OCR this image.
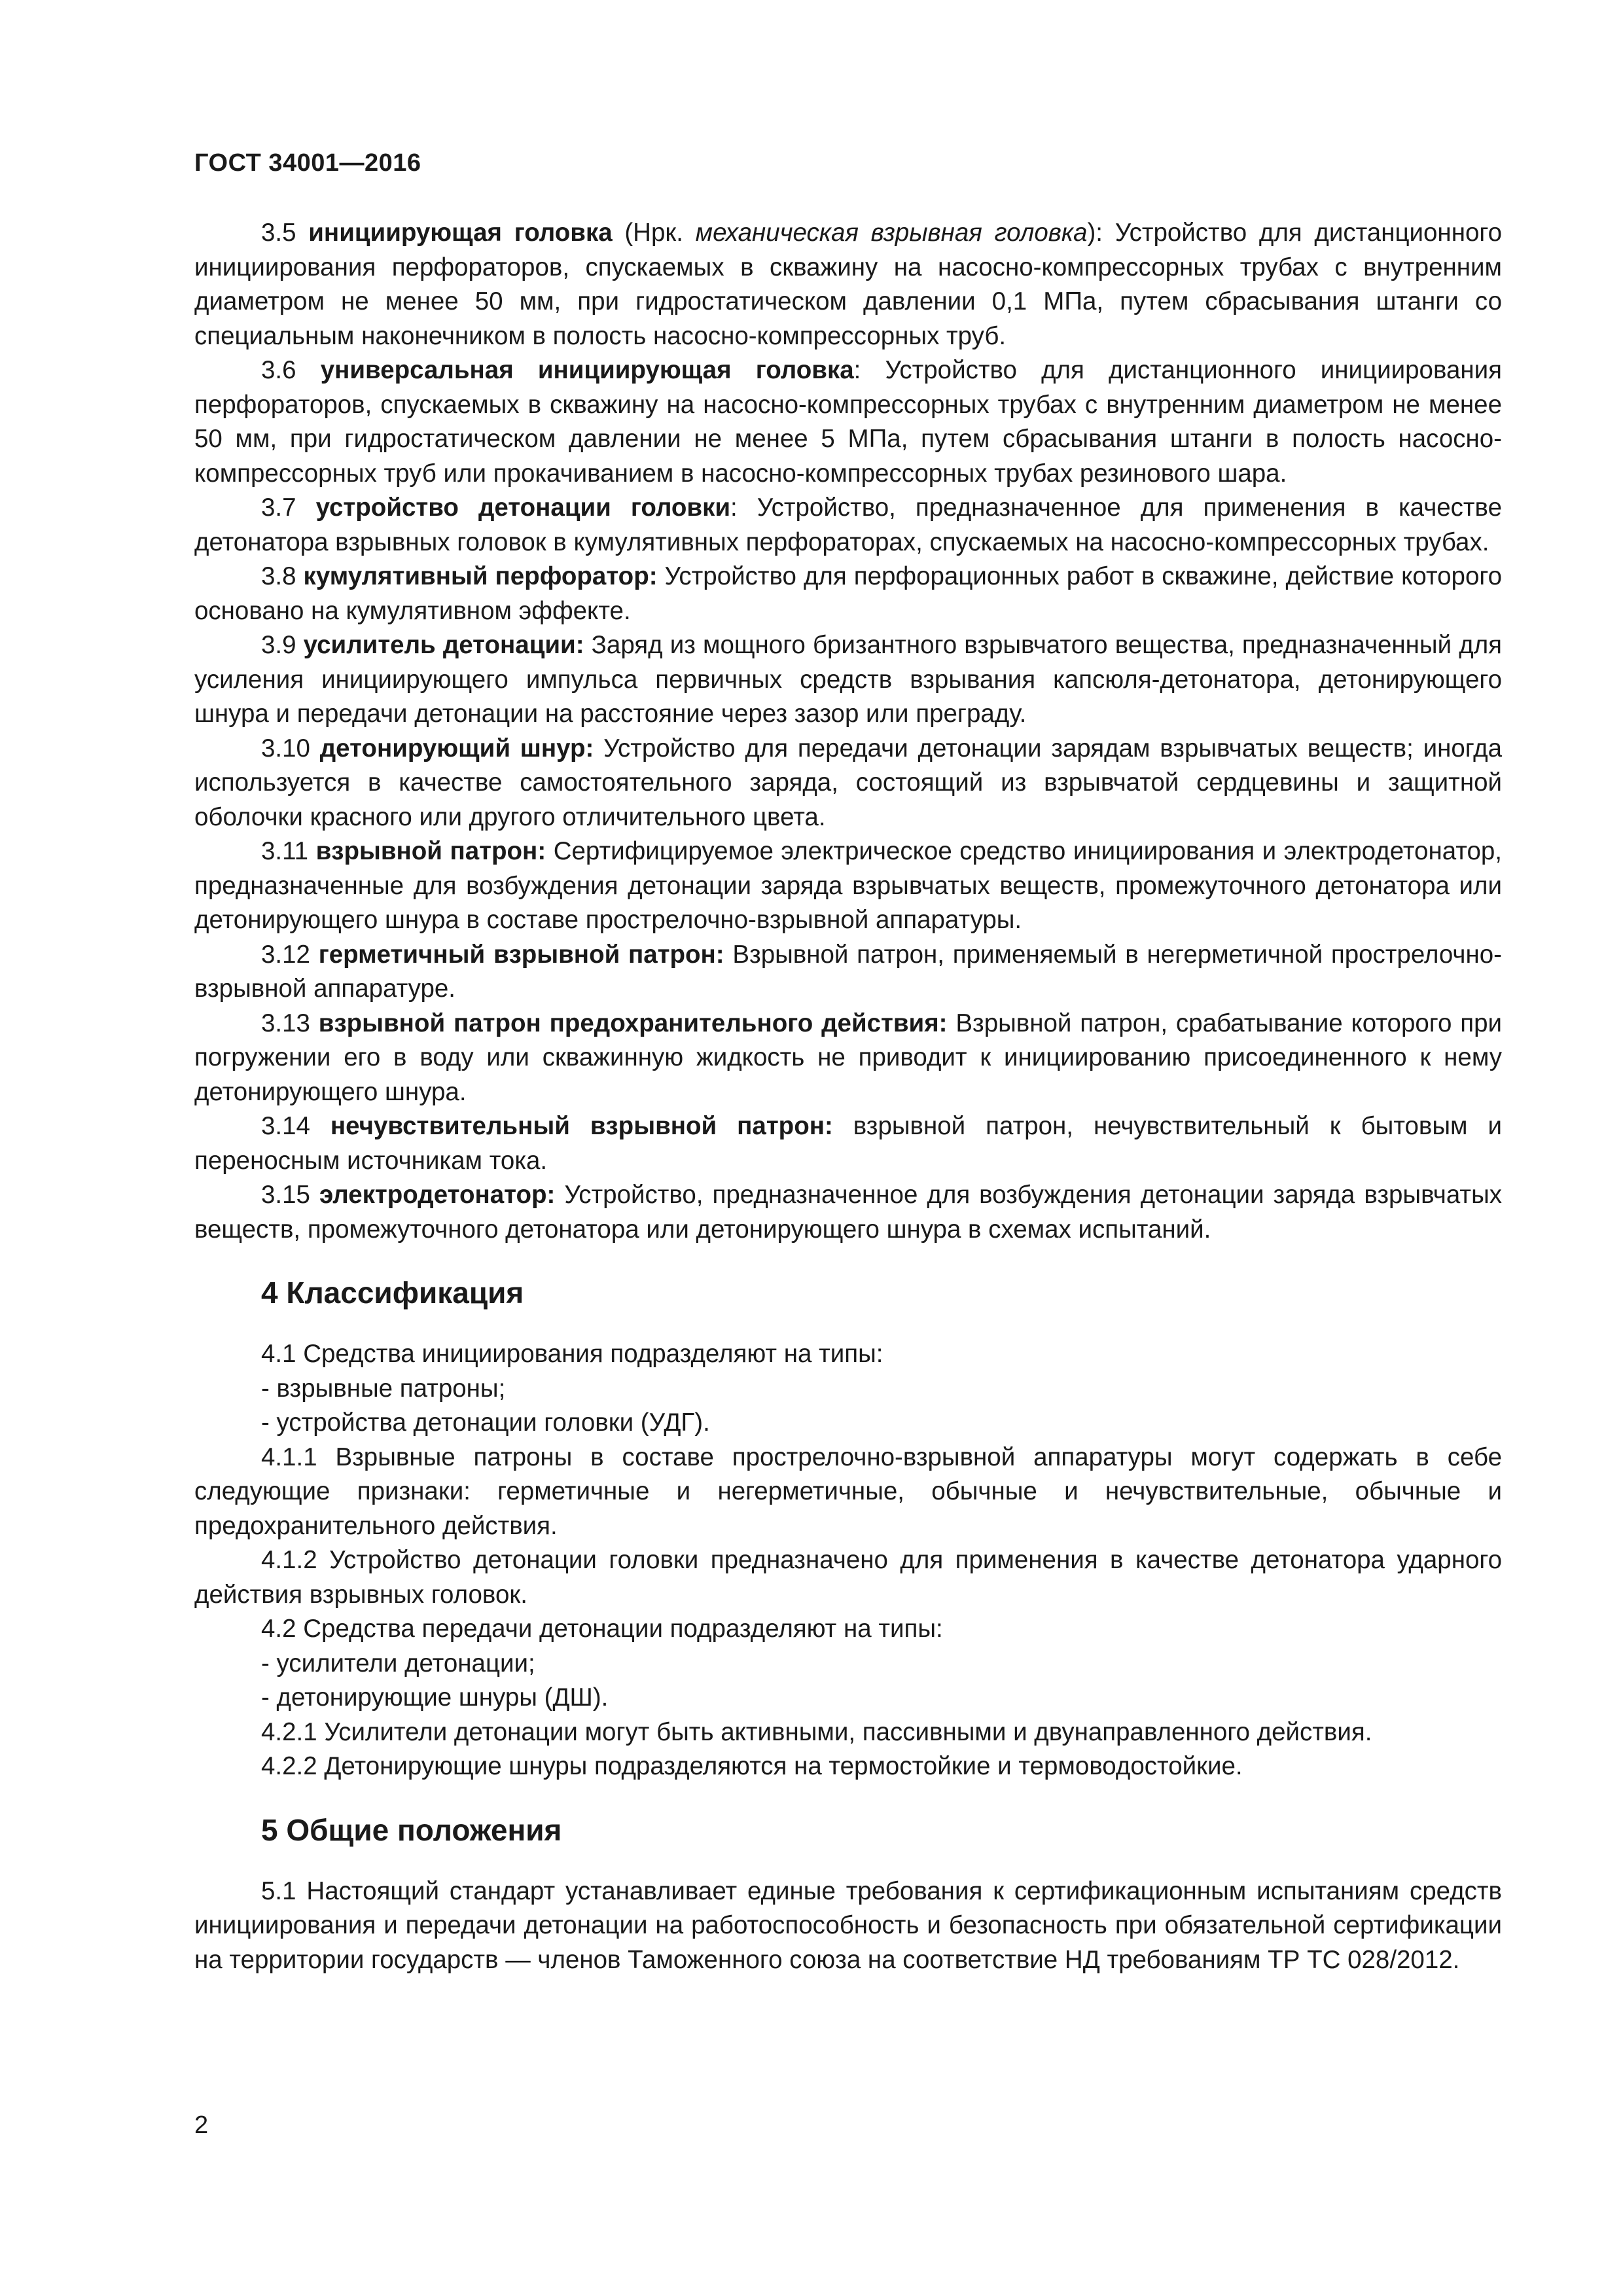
ГОСТ 34001—2016

3.5 инициирующая головка (Нрк. механическая взрывная головка): Устройство для дистанционного инициирования перфораторов, спускаемых в скважину на насосно-компрессорных трубах с внутренним диаметром не менее 50 мм, при гидростатическом давлении 0,1 МПа, путем сбрасывания штанги со специальным наконечником в полость насосно-компрессорных труб.

3.6 универсальная инициирующая головка: Устройство для дистанционного инициирования перфораторов, спускаемых в скважину на насосно-компрессорных трубах с внутренним диаметром не менее 50 мм, при гидростатическом давлении не менее 5 МПа, путем сбрасывания штанги в полость насосно-компрессорных труб или прокачиванием в насосно-компрессорных трубах резинового шара.

3.7 устройство детонации головки: Устройство, предназначенное для применения в качестве детонатора взрывных головок в кумулятивных перфораторах, спускаемых на насосно-компрессорных трубах.

3.8 кумулятивный перфоратор: Устройство для перфорационных работ в скважине, действие которого основано на кумулятивном эффекте.

3.9 усилитель детонации: Заряд из мощного бризантного взрывчатого вещества, предназначенный для усиления инициирующего импульса первичных средств взрывания капсюля-детонатора, детонирующего шнура и передачи детонации на расстояние через зазор или преграду.

3.10 детонирующий шнур: Устройство для передачи детонации зарядам взрывчатых веществ; иногда используется в качестве самостоятельного заряда, состоящий из взрывчатой сердцевины и защитной оболочки красного или другого отличительного цвета.

3.11 взрывной патрон: Сертифицируемое электрическое средство инициирования и электродетонатор, предназначенные для возбуждения детонации заряда взрывчатых веществ, промежуточного детонатора или детонирующего шнура в составе прострелочно-взрывной аппаратуры.

3.12 герметичный взрывной патрон: Взрывной патрон, применяемый в негерметичной прострелочно-взрывной аппаратуре.

3.13 взрывной патрон предохранительного действия: Взрывной патрон, срабатывание которого при погружении его в воду или скважинную жидкость не приводит к инициированию присоединенного к нему детонирующего шнура.

3.14 нечувствительный взрывной патрон: взрывной патрон, нечувствительный к бытовым и переносным источникам тока.

3.15 электродетонатор: Устройство, предназначенное для возбуждения детонации заряда взрывчатых веществ, промежуточного детонатора или детонирующего шнура в схемах испытаний.

4 Классификация

4.1 Средства инициирования подразделяют на типы:

- взрывные патроны;

- устройства детонации головки (УДГ).

4.1.1 Взрывные патроны в составе прострелочно-взрывной аппаратуры могут содержать в себе следующие признаки: герметичные и негерметичные, обычные и нечувствительные, обычные и предохранительного действия.

4.1.2 Устройство детонации головки предназначено для применения в качестве детонатора ударного действия взрывных головок.

4.2 Средства передачи детонации подразделяют на типы:

- усилители детонации;

- детонирующие шнуры (ДШ).

4.2.1 Усилители детонации могут быть активными, пассивными и двунаправленного действия.

4.2.2 Детонирующие шнуры подразделяются на термостойкие и термоводостойкие.

5 Общие положения

5.1 Настоящий стандарт устанавливает единые требования к сертификационным испытаниям средств инициирования и передачи детонации на работоспособность и безопасность при обязательной сертификации на территории государств — членов Таможенного союза на соответствие НД требованиям ТР ТС 028/2012.

2
